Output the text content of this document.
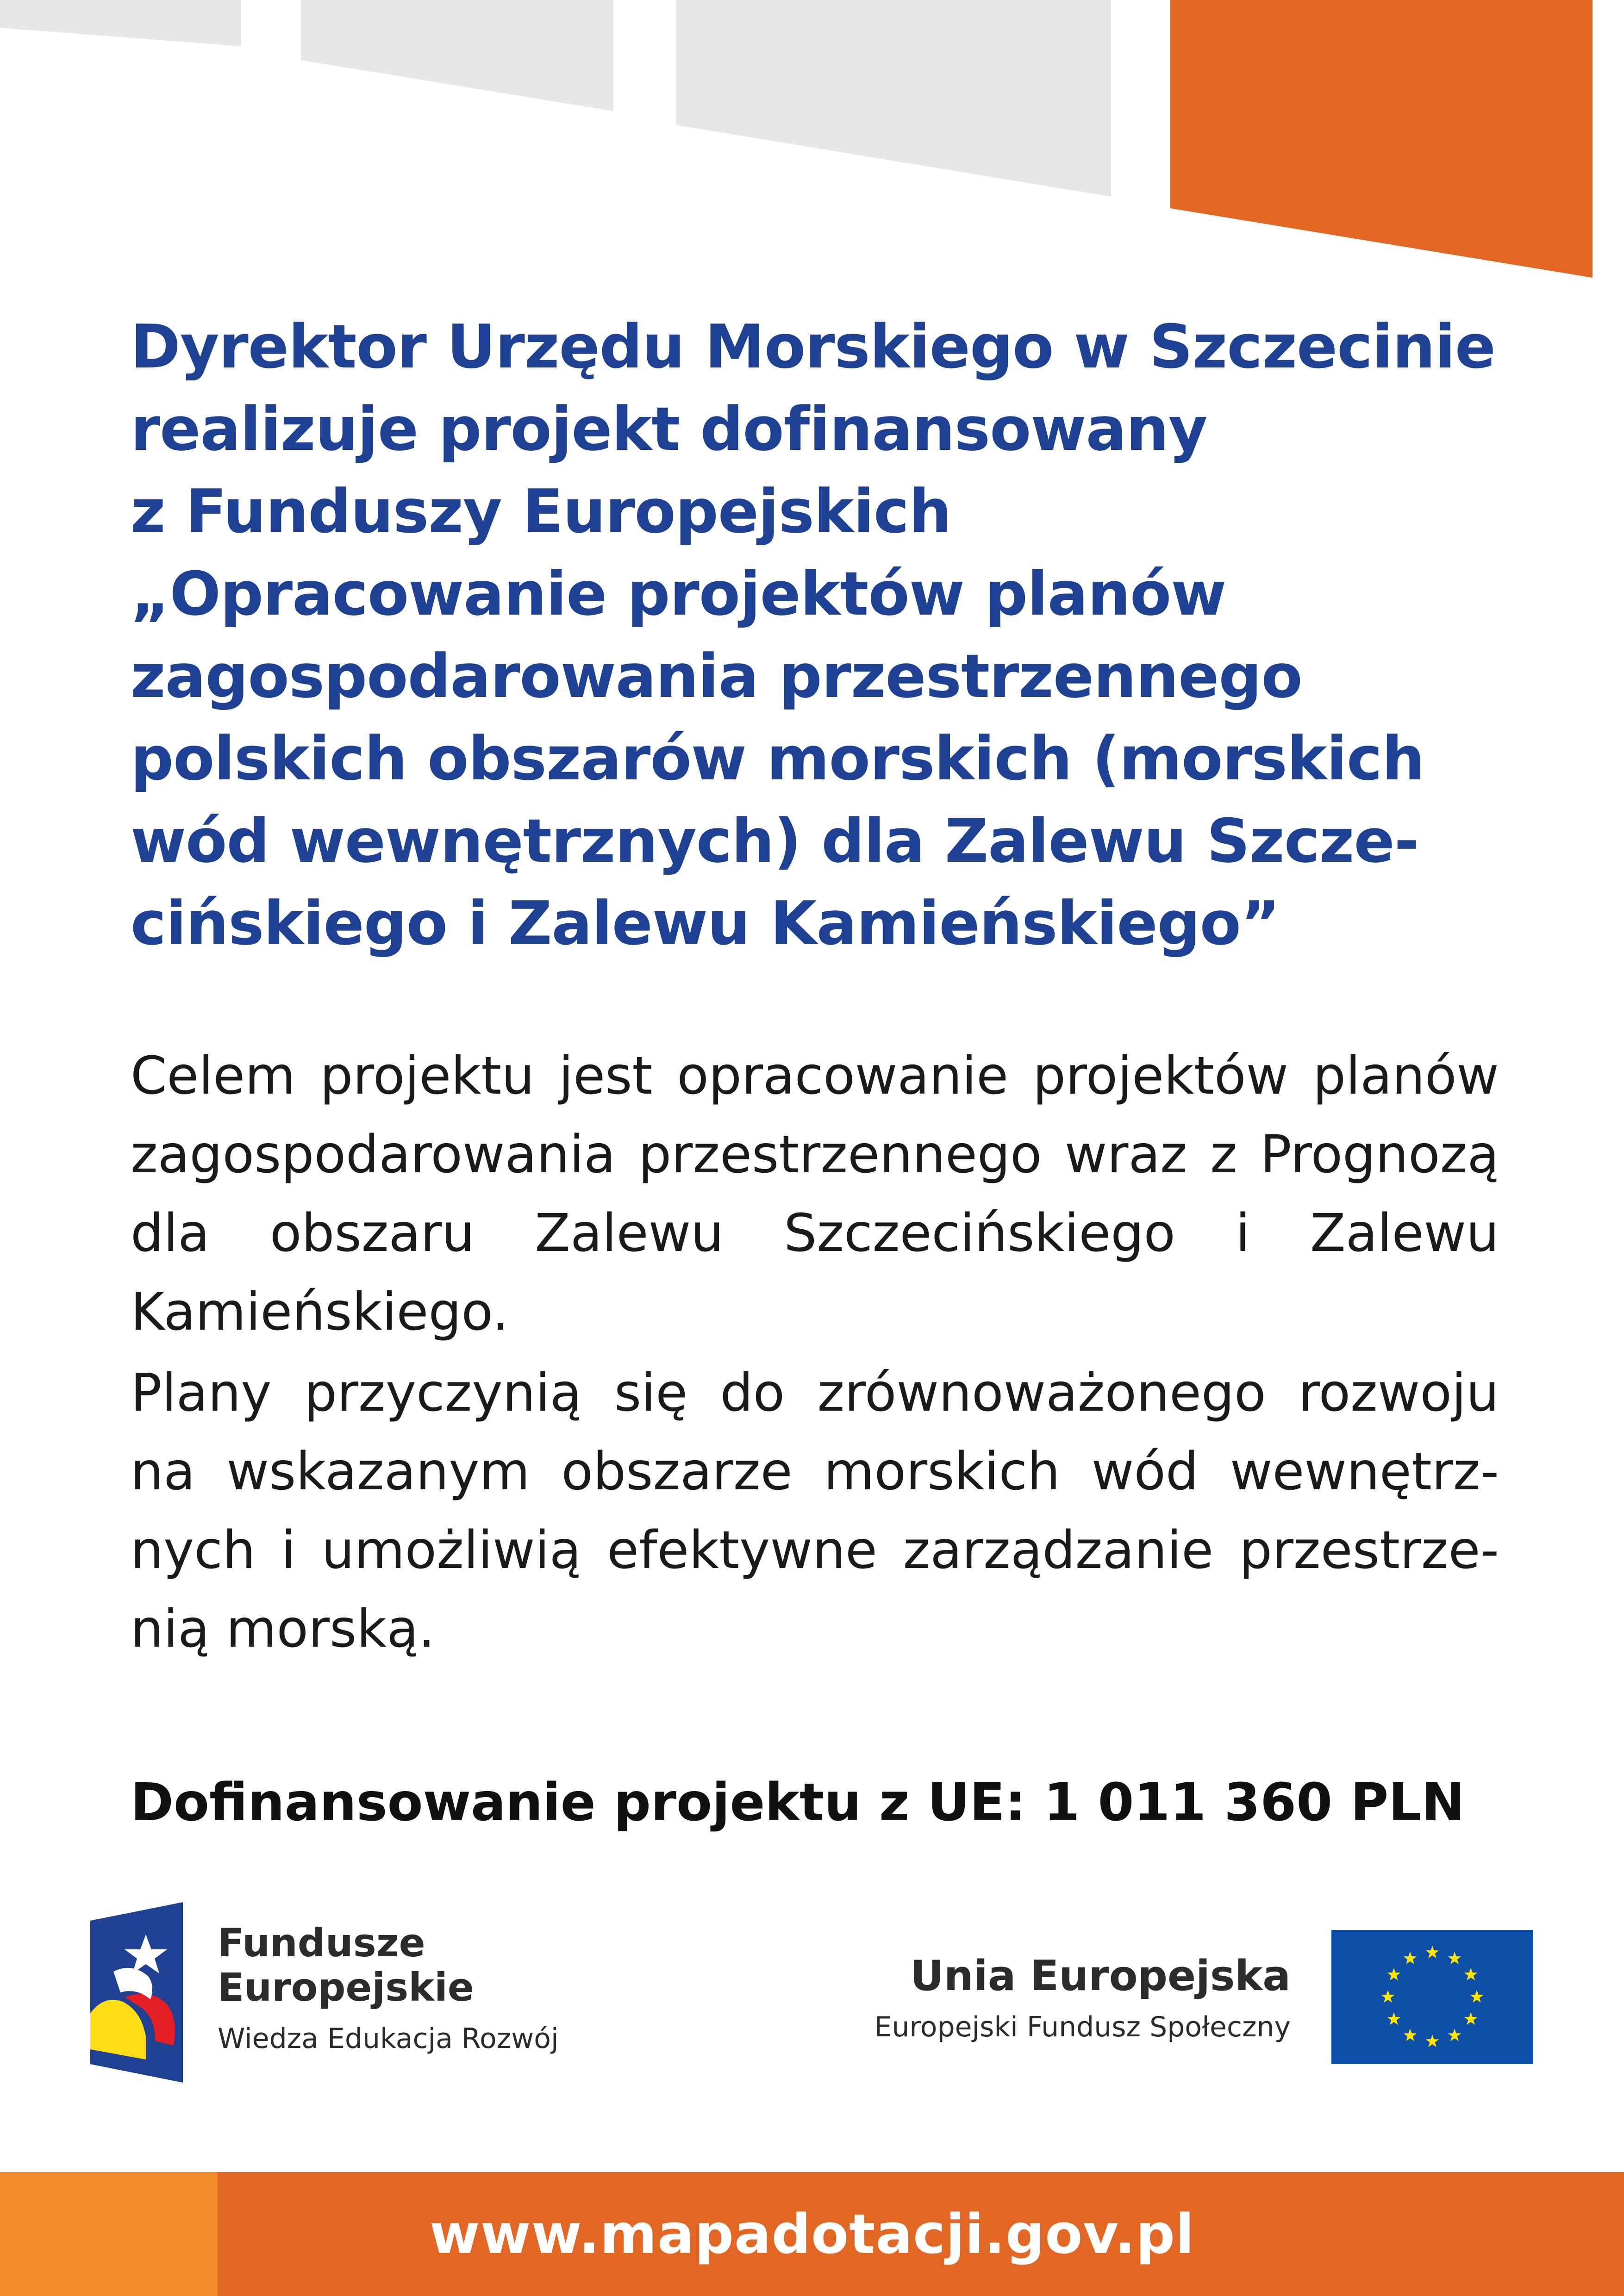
Dyrektor Urzędu Morskiego w Szczecinie
realizuje projekt dofinansowany
z Funduszy Europejskich
„Opracowanie projektów planów
zagospodarowania przestrzennego
polskich obszarów morskich (morskich
wód wewnętrznych) dla Zalewu Szcze-
cińskiego i Zalewu Kamieńskiego”

Celem projektu jest opracowanie projektów planów
zagospodarowania przestrzennego wraz z Prognozą
dla obszaru Zalewu Szczecińskiego i Zalewu
Kamieńskiego.

Plany przyczynią się do zrównoważonego rozwoju
na wskazanym obszarze morskich wód wewnętrz-
nych i umożliwią efektywne zarządzanie przestrze-
nią morską.

Dofinansowanie projektu z UE: 1 011 360 PLN

Fundusze
Europejskie
Wiedza Edukacja Rozwój
Unia Europejska
Europejski Fundusz Społeczny
www.mapadotacji.gov.pl
